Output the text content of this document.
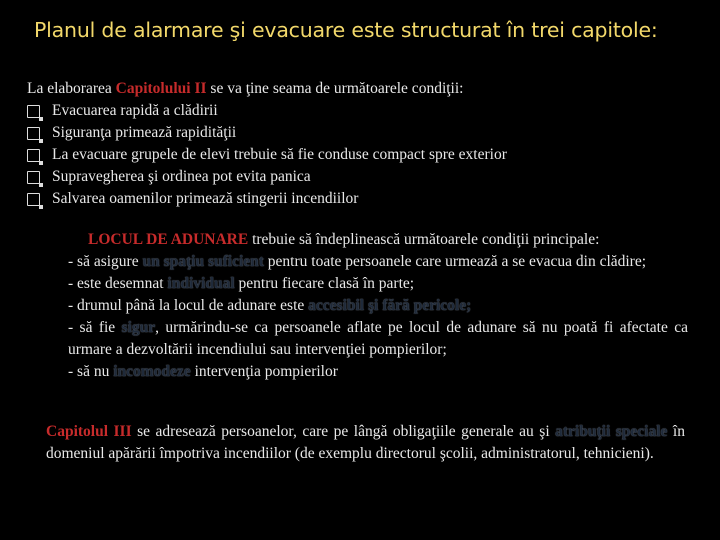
Planul de alarmare şi evacuare este structurat în trei capitole:
La elaborarea Capitolului II se va ţine seama de următoarele condiţii:
Evacuarea rapidă a clădirii
Siguranţa primează rapidităţii
La evacuare grupele de elevi trebuie să fie conduse compact spre exterior
Supravegherea şi ordinea pot evita panica
Salvarea oamenilor primează stingerii incendiilor
LOCUL DE ADUNARE trebuie să îndeplinească următoarele condiţii principale:
- să asigure un spaţiu suficient pentru toate persoanele care urmează a se evacua din clădire;
- este desemnat individual pentru fiecare clasă în parte;
- drumul până la locul de adunare este accesibil şi fără pericole;
- să fie sigur, urmărindu-se ca persoanele aflate pe locul de adunare să nu poată fi afectate ca urmare a dezvoltării incendiului sau intervenţiei pompierilor;
- să nu incomodeze intervenţia pompierilor
Capitolul III se adresează persoanelor, care pe lângă obligaţiile generale au şi atribuţii speciale în domeniul apărării împotriva incendiilor (de exemplu directorul şcolii, administratorul, tehnicieni).
